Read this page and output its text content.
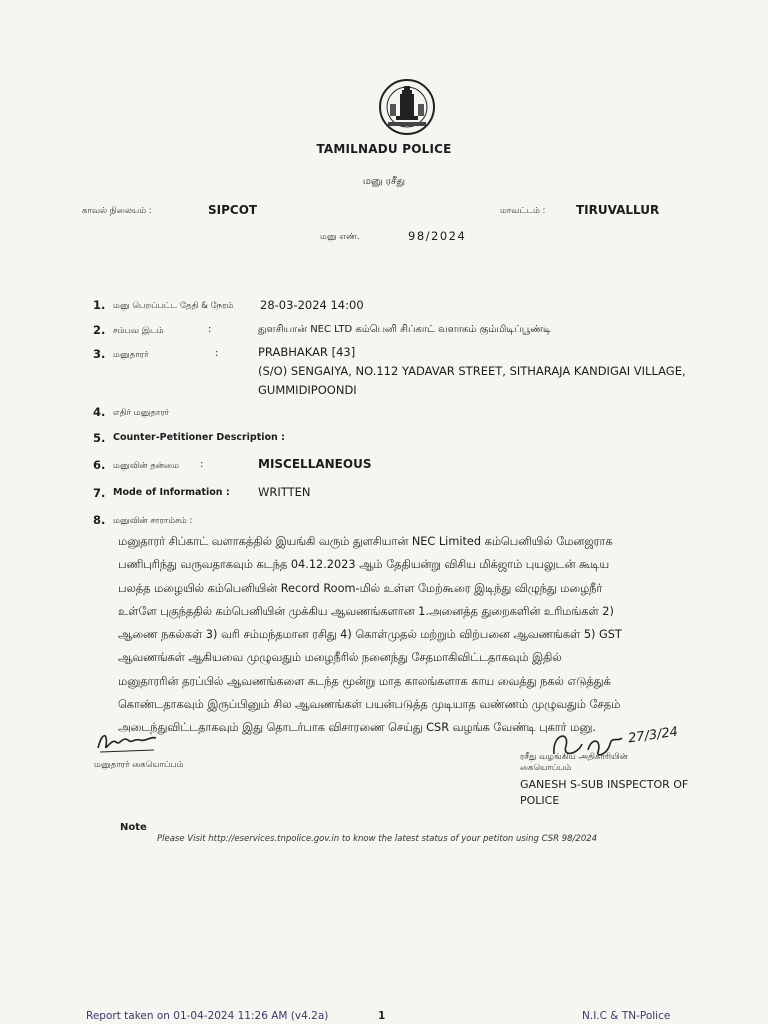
TAMILNADU POLICE
மனு ரசீது
காவல் நிலையம் :	SIPCOT	மாவட்டம் :	TIRUVALLUR
மனு எண்.	98/2024
1. மனு பெறப்பட்ட தேதி & நேரம் 28-03-2024 14:00
2. சம்பவ இடம்	:	துளசியான் NEC LTD கம்பெனி சிப்காட் வளாகம் கும்மிடிப்பூண்டி
3. மனுதாரர்	:	PRABHAKAR [43]
(S/O) SENGAIYA, NO.112 YADAVAR STREET, SITHARAJA KANDIGAI VILLAGE,
GUMMIDIPOONDI
4. எதிர் மனுதாரர்
5. Counter-Petitioner Description :
6. மனுவின் தன்மை :	MISCELLANEOUS
7. Mode of Information : WRITTEN
8. மனுவின் சாராம்சம் :
மனுதாரர் சிப்காட் வளாகத்தில் இயங்கி வரும் துளசியான் NEC Limited கம்பெனியில் மேனஜராக
பணிபுரிந்து வருவதாகவும் கடந்த 04.12.2023 ஆம் தேதியன்று விசிய மிக்ஜாம் புயலுடன் கூடிய
பலத்த மழையில் கம்பெனியின் Record Room-மில் உள்ள மேற்கூரை இடிந்து விழுந்து மழைநீர்
உள்ளே புகுந்ததில் கம்பெனியின் முக்கிய ஆவணங்களான 1.அனைத்த துறைகளின் உரிமங்கள் 2)
ஆணை நகல்கள் 3) வரி சம்மந்தமான ரசிது 4) கொள்முதல் மற்றும் விற்பனை ஆவணங்கள் 5) GST
ஆவணங்கள் ஆகியவை முழுவதும் மழைநீரில் நனைந்து சேதமாகிவிட்டதாகவும் இதில்
மனுதாரரின் தரப்பில் ஆவணங்களை கடந்த மூன்று மாத காலங்களாக காய வைத்து நகல் எடுத்துக்
கொண்டதாகவும் இருப்பினும் சில ஆவணங்கள் பயன்படுத்த முடியாத வண்ணம் முழுவதும் சேதம்
அடைந்துவிட்டதாகவும் இது தொடர்பாக விசாரணை செய்து CSR வழங்க வேண்டி புகார் மனு.
மனுதாரர் கையொப்பம்
27/3/24
ரசீது வழங்கிய அதிகாரியின்
கையொப்பம்
GANESH S-SUB INSPECTOR OF
POLICE
Note
Please Visit http://eservices.tnpolice.gov.in to know the latest status of your petiton using CSR 98/2024
Report taken on 01-04-2024 11:26 AM (v4.2a)	1	N.I.C & TN-Police
